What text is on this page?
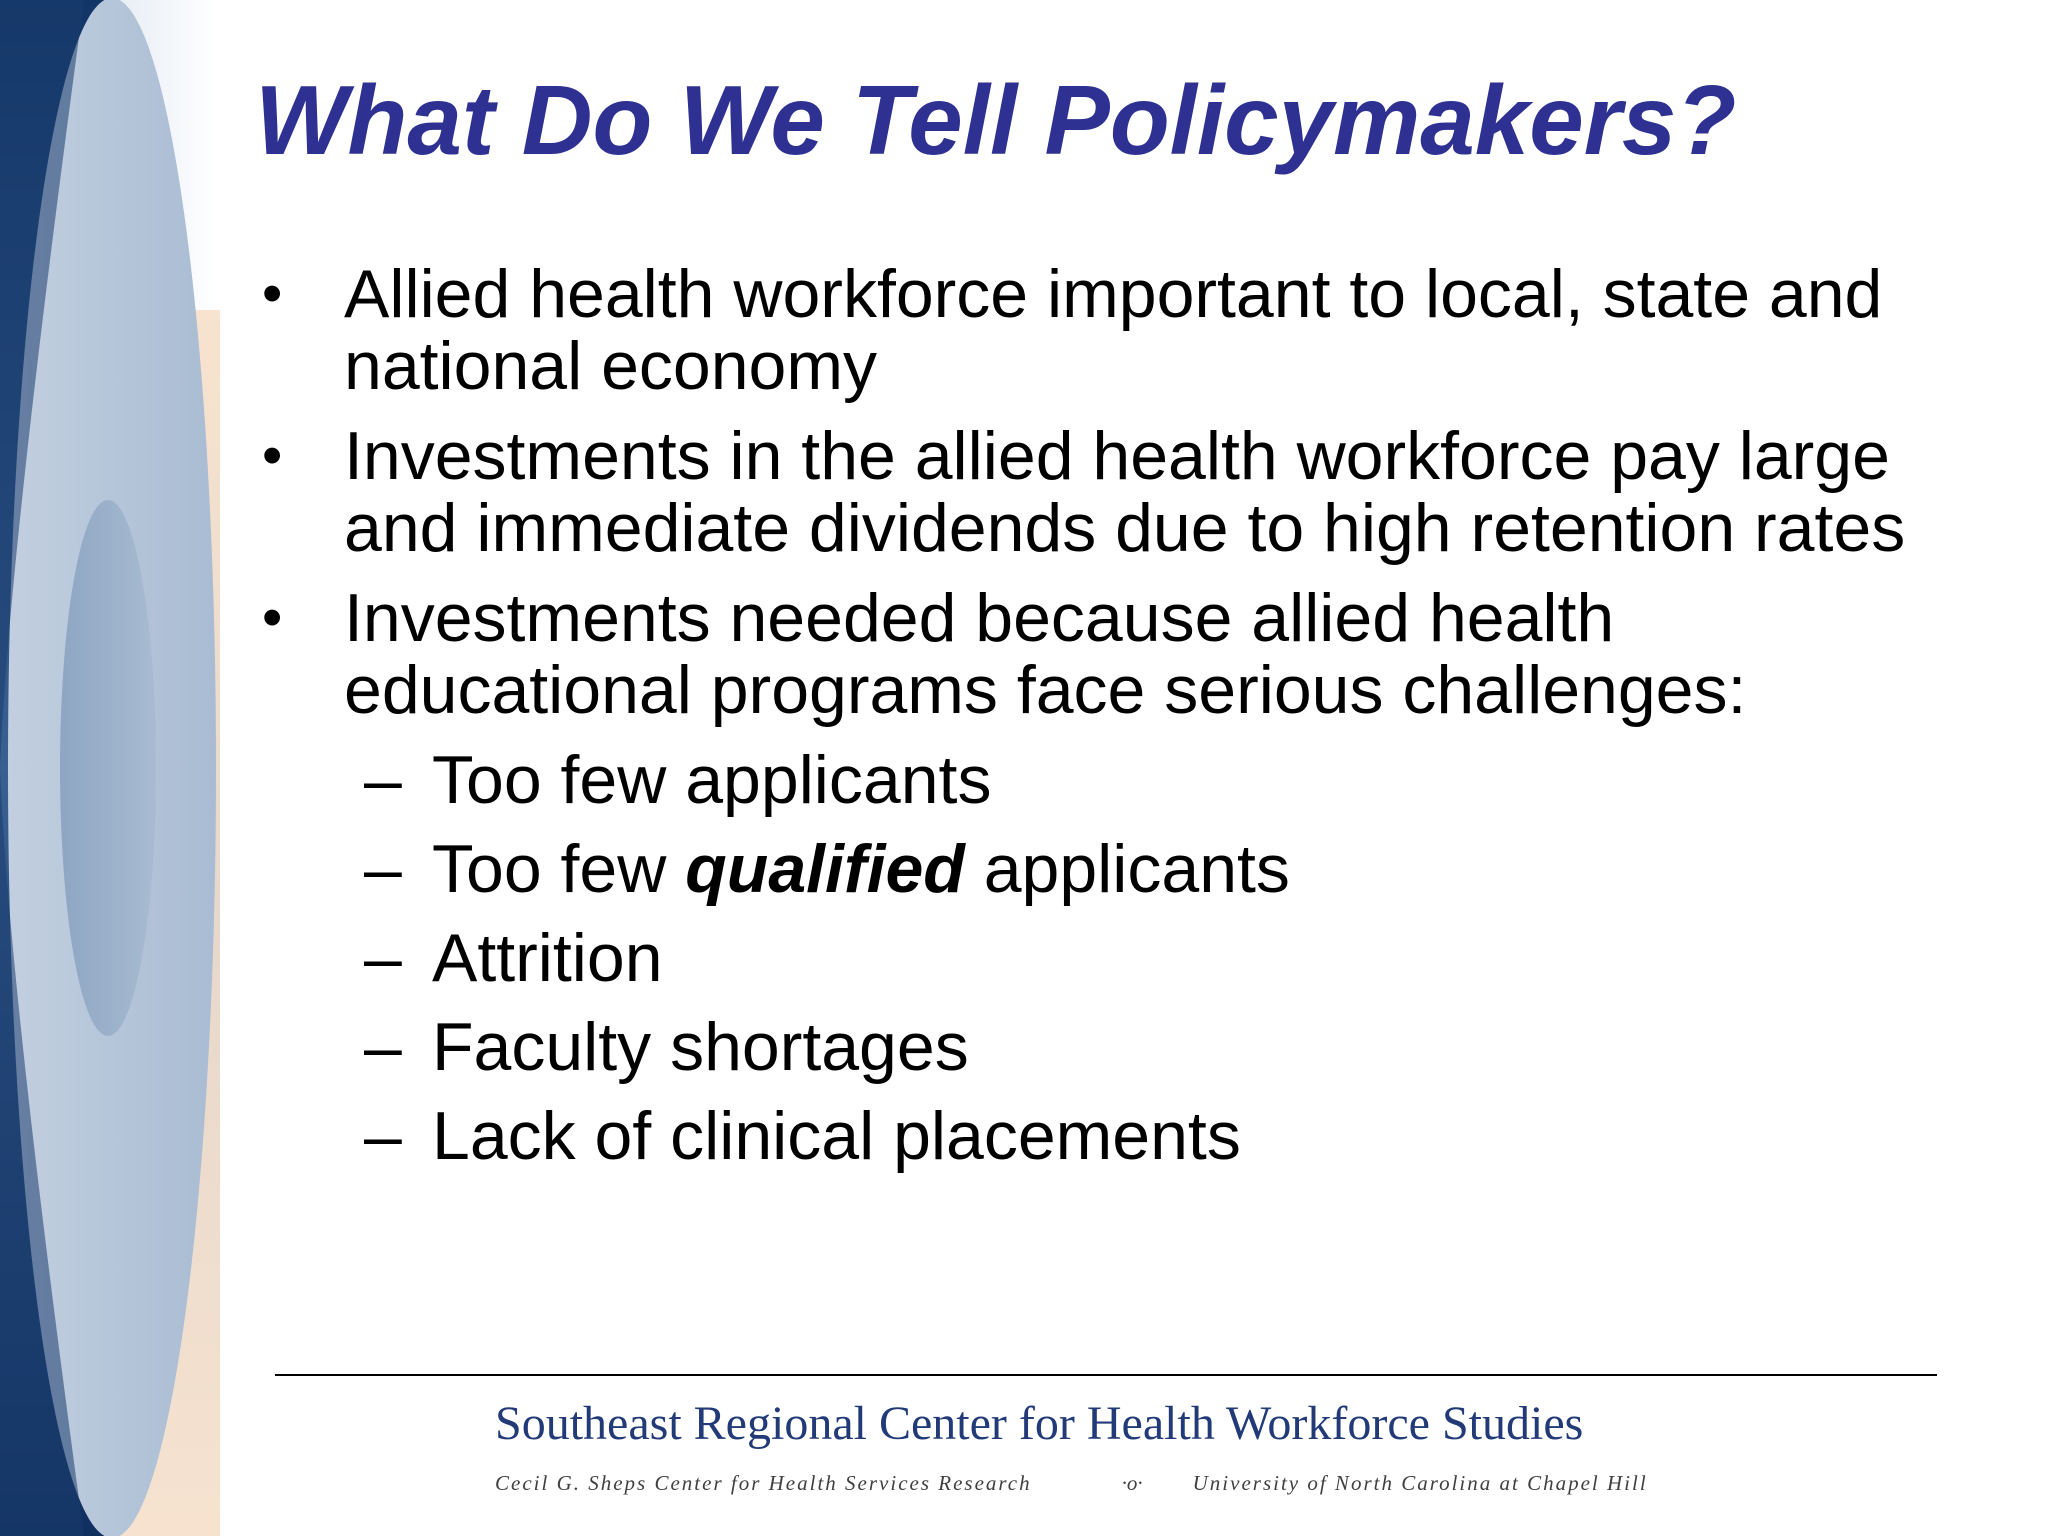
What Do We Tell Policymakers?
• Allied health workforce important to local, state and national economy
• Investments in the allied health workforce pay large and immediate dividends due to high retention rates
• Investments needed because allied health educational programs face serious challenges:
– Too few applicants
– Too few qualified applicants
– Attrition
– Faculty shortages
– Lack of clinical placements
Southeast Regional Center for Health Workforce Studies
Cecil G. Sheps Center for Health Services Research	·o· University of North Carolina at Chapel Hill
